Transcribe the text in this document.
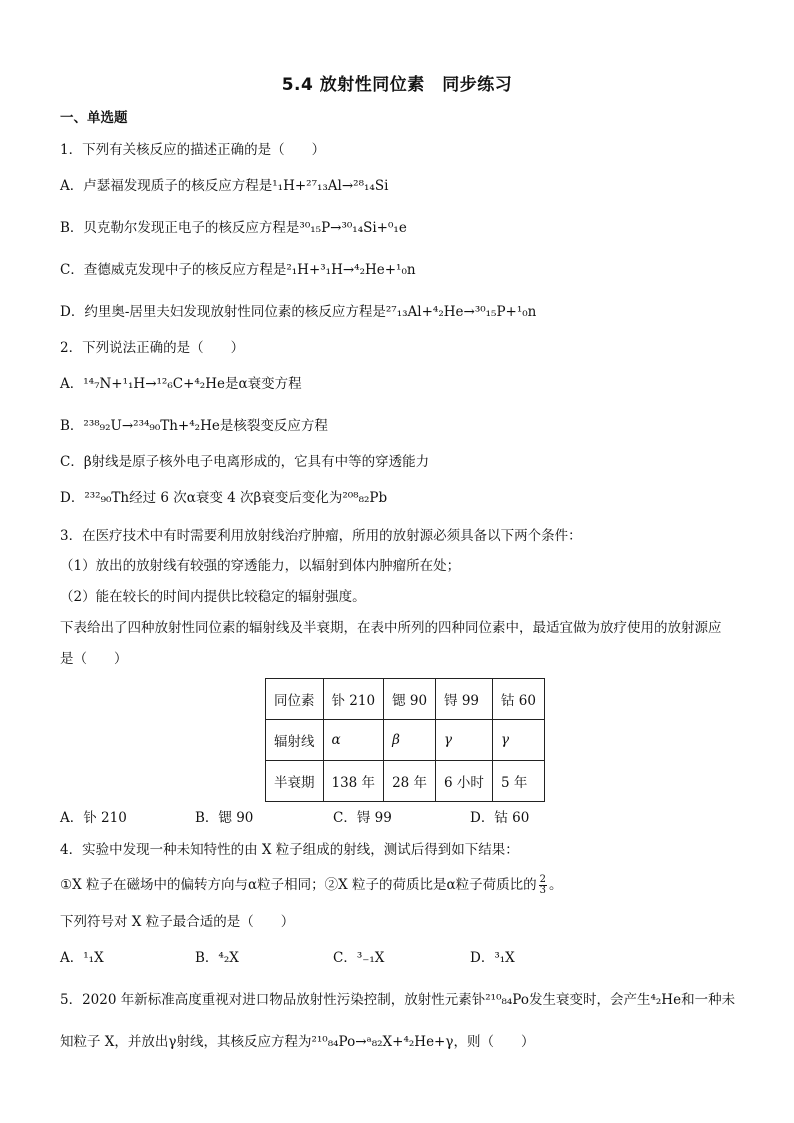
5.4 放射性同位素　同步练习
一、单选题
1．下列有关核反应的描述正确的是（　　）
A．卢瑟福发现质子的核反应方程是¹₁H+²⁷₁₃Al→²⁸₁₄Si
B．贝克勒尔发现正电子的核反应方程是³⁰₁₅P→³⁰₁₄Si+⁰₁e
C．查德威克发现中子的核反应方程是²₁H+³₁H→⁴₂He+¹₀n
D．约里奥-居里夫妇发现放射性同位素的核反应方程是²⁷₁₃Al+⁴₂He→³⁰₁₅P+¹₀n
2．下列说法正确的是（　　）
A．¹⁴₇N+¹₁H→¹²₆C+⁴₂He是α衰变方程
B．²³⁸₉₂U→²³⁴₉₀Th+⁴₂He是核裂变反应方程
C．β射线是原子核外电子电离形成的，它具有中等的穿透能力
D．²³²₉₀Th经过 6 次α衰变 4 次β衰变后变化为²⁰⁸₈₂Pb
3．在医疗技术中有时需要利用放射线治疗肿瘤，所用的放射源必须具备以下两个条件：
（1）放出的放射线有较强的穿透能力，以辐射到体内肿瘤所在处；
（2）能在较长的时间内提供比较稳定的辐射强度。
下表给出了四种放射性同位素的辐射线及半衰期，在表中所列的四种同位素中，最适宜做为放疗使用的放射源应
是（　　）
同位素	钋 210	锶 90	锝 99	钴 60
辐射线	α	β	γ	γ
半衰期	138 年	28 年	6 小时	5 年
A．钋 210	B．锶 90	C．锝 99	D．钴 60
4．实验中发现一种未知特性的由 X 粒子组成的射线，测试后得到如下结果：
①X 粒子在磁场中的偏转方向与α粒子相同；②X 粒子的荷质比是α粒子荷质比的 $\frac{2}{3}$ 。
下列符号对 X 粒子最合适的是（　　）
A．¹₁X	B．⁴₂X	C．³₋₁X	D．³₁X
5．2020 年新标准高度重视对进口物品放射性污染控制，放射性元素钋²¹⁰₈₄Po发生衰变时，会产生⁴₂He和一种未
知粒子 X，并放出γ射线，其核反应方程为²¹⁰₈₄Po→ᵃ₈₂X+⁴₂He+γ，则（　　）
